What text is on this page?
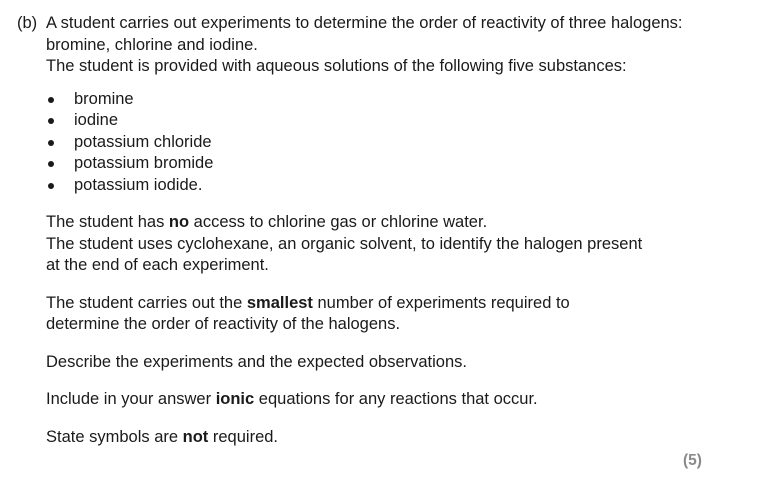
(b) A student carries out experiments to determine the order of reactivity of three halogens:

bromine, chlorine and iodine.

The student is provided with aqueous solutions of the following five substances:

bromine
iodine
potassium chloride
potassium bromide
potassium iodide.

The student has no access to chlorine gas or chlorine water.

The student uses cyclohexane, an organic solvent, to identify the halogen present

at the end of each experiment.

The student carries out the smallest number of experiments required to

determine the order of reactivity of the halogens.

Describe the experiments and the expected observations.

Include in your answer ionic equations for any reactions that occur.

State symbols are not required.

(5)
